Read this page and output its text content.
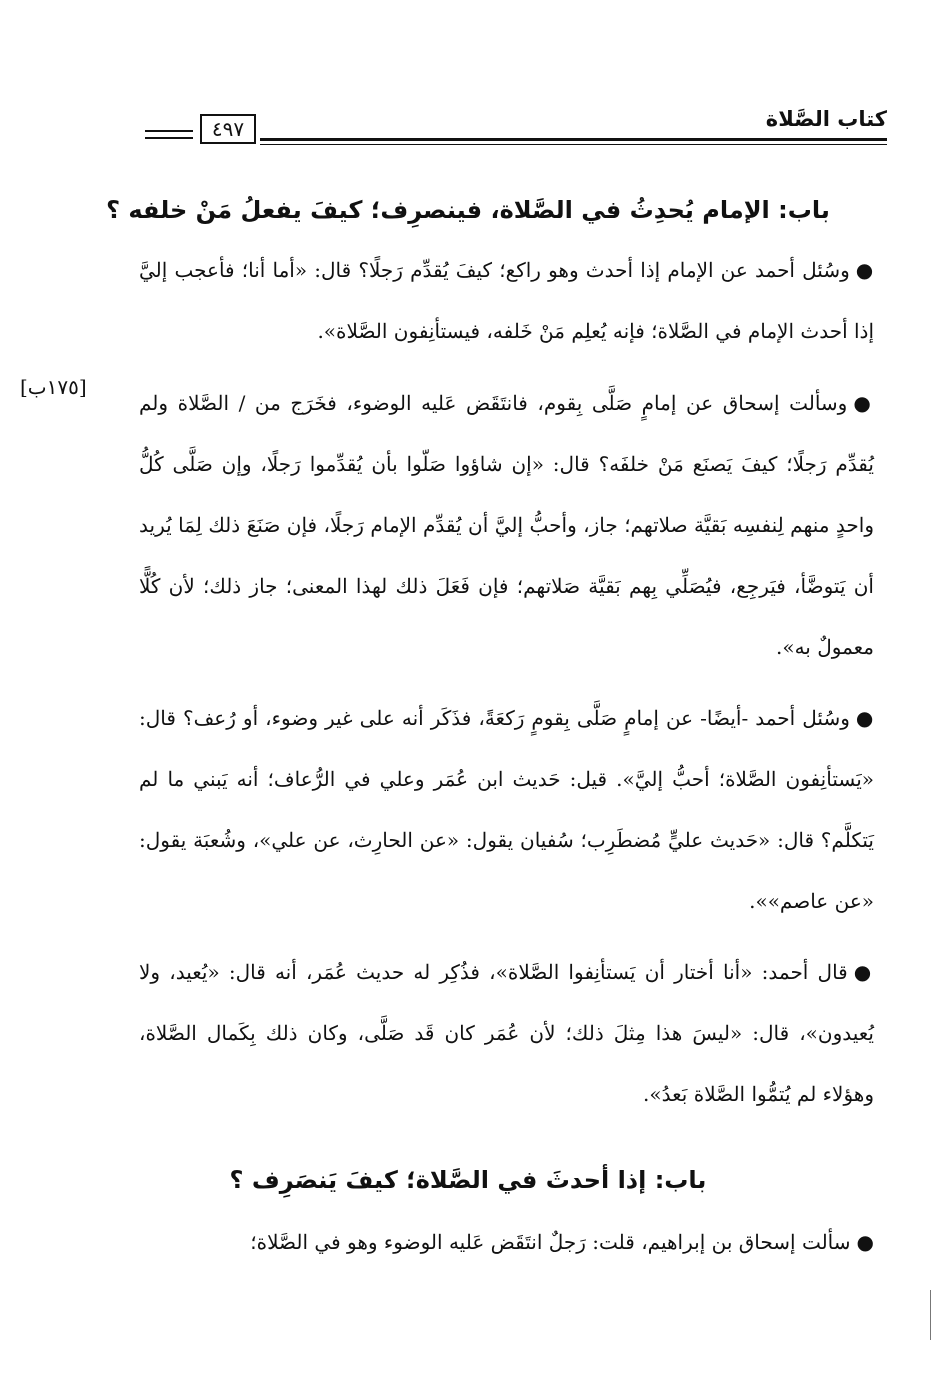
كتاب الصَّلاة
٤٩٧
باب: الإمام يُحدِثُ في الصَّلاة، فينصرِف؛ كيفَ يفعلُ مَنْ خلفه ؟
●وسُئل أحمد عن الإمام إذا أحدث وهو راكع؛ كيفَ يُقدِّم رَجلًا؟ قال: «أما أنا؛ فأعجب إليَّ إذا أحدث الإمام في الصَّلاة؛ فإنه يُعلِم مَنْ خَلفه، فيستأنِفون الصَّلاة».
●وسألت إسحاق عن إمامٍ صَلَّى بِقوم، فانتَقَض عَليه الوضوء، فخَرَج من / الصَّلاة ولم يُقدِّم رَجلًا؛ كيفَ يَصنَع مَنْ خلفَه؟ قال: «إن شاؤوا صَلّوا بأن يُقدِّموا رَجلًا، وإن صَلَّى كُلُّ واحدٍ منهم لِنفسِه بَقيَّة صلاتهم؛ جاز، وأحبُّ إليَّ أن يُقدِّم الإمام رَجلًا، فإن صَنَعَ ذلك لِمَا يُريد أن يَتوضَّأ، فيَرجِع، فيُصَلِّي بِهم بَقيَّة صَلاتهم؛ فإن فَعَلَ ذلك لهذا المعنى؛ جاز ذلك؛ لأن كُلًّا معمولٌ به».
●وسُئل أحمد -أيضًا- عن إمامٍ صَلَّى بِقومٍ رَكعَةً، فذَكَر أنه على غير وضوء، أو رُعف؟ قال: «يَستأنِفون الصَّلاة؛ أحبُّ إليَّ». قيل: حَديث ابن عُمَر وعلي في الرُّعاف؛ أنه يَبني ما لم يَتكلَّم؟ قال: «حَديث عليٍّ مُضطَرِب؛ سُفيان يقول: «عن الحارِث، عن علي»، وشُعبَة يقول: «عن عاصم»».
●قال أحمد: «أنا أختار أن يَستأنِفوا الصَّلاة»، فذُكِر له حديث عُمَر، أنه قال: «يُعيد، ولا يُعيدون»، قال: «ليسَ هذا مِثلَ ذلك؛ لأن عُمَر كان قَد صَلَّى، وكان ذلك بِكَمال الصَّلاة، وهؤلاء لم يُتمُّوا الصَّلاة بَعدُ».
باب: إذا أحدثَ في الصَّلاة؛ كيفَ يَنصَرِف ؟
●سألت إسحاق بن إبراهيم، قلت: رَجلٌ انتَقَض عَليه الوضوء وهو في الصَّلاة؛
[١٧٥ب]
